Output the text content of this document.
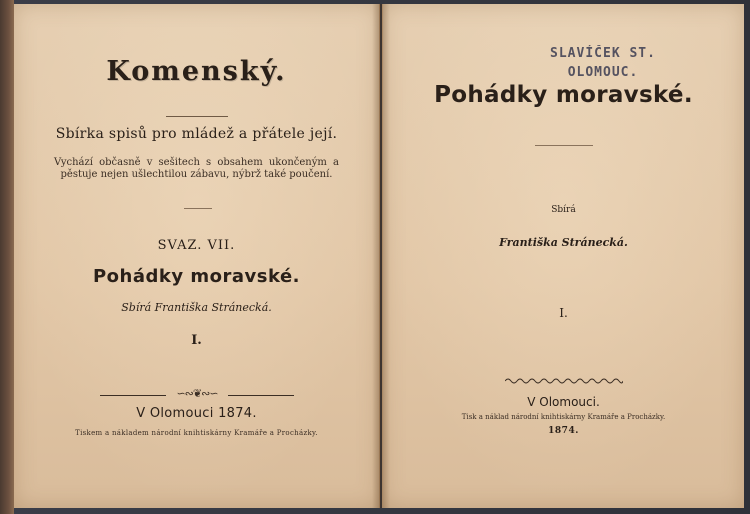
Komenský.
Sbírka spisů pro mládež a přátele její.
Vychází občasně v sešitech s obsahem ukončeným a pěstuje nejen ušlechtilou zábavu, nýbrž také poučení.
SVAZ. VII.
Pohádky moravské.
Sbírá Františka Stránecká.
I.
∽∾❦∾∽
V Olomouci 1874.
Tiskem a nákladem národní knihtiskárny Kramáře a Procházky.
SLAVÍČEK ST.
OLOMOUC.
Pohádky moravské.
Sbírá
Františka Stránecká.
I.
V Olomouci.
Tisk a náklad národní knihtiskárny Kramáře a Procházky.
1874.
